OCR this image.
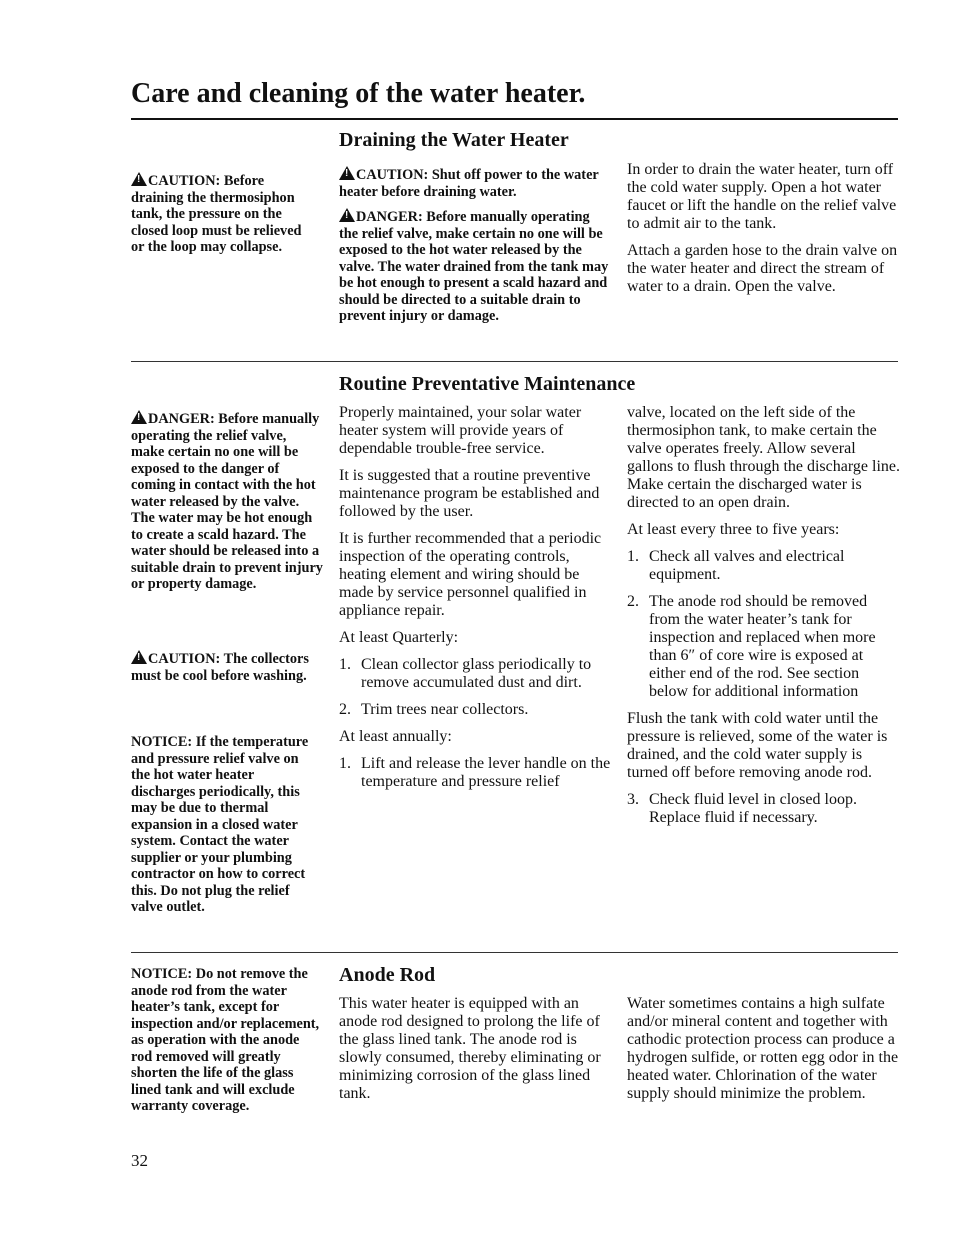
Care and cleaning of the water heater.
Draining the Water Heater
!CAUTION: Before draining the thermosiphon tank, the pressure on the closed loop must be relieved or the loop may collapse.
!CAUTION: Shut off power to the water heater before draining water.
!DANGER: Before manually operating the relief valve, make certain no one will be exposed to the hot water released by the valve. The water drained from the tank may be hot enough to present a scald hazard and should be directed to a suitable drain to prevent injury or damage.

In order to drain the water heater, turn off the cold water supply. Open a hot water faucet or lift the handle on the relief valve to admit air to the tank.

Attach a garden hose to the drain valve on the water heater and direct the stream of water to a drain. Open the valve.

Routine Preventative Maintenance
!DANGER: Before manually operating the relief valve, make certain no one will be exposed to the danger of coming in contact with the hot water released by the valve. The water may be hot enough to create a scald hazard. The water should be released into a suitable drain to prevent injury or property damage.
!CAUTION: The collectors must be cool before washing.
NOTICE: If the temperature and pressure relief valve on the hot water heater discharges periodically, this may be due to thermal expansion in a closed water system. Contact the water supplier or your plumbing contractor on how to correct this. Do not plug the relief valve outlet.

Properly maintained, your solar water heater system will provide years of dependable trouble-free service.

It is suggested that a routine preventive maintenance program be established and followed by the user.

It is further recommended that a periodic inspection of the operating controls, heating element and wiring should be made by service personnel qualified in appliance repair.

At least Quarterly:

1. Clean collector glass periodically to remove accumulated dust and dirt.
2. Trim trees near collectors.

At least annually:

1. Lift and release the lever handle on the temperature and pressure relief

valve, located on the left side of the thermosiphon tank, to make certain the valve operates freely. Allow several gallons to flush through the discharge line. Make certain the discharged water is directed to an open drain.

At least every three to five years:

1. Check all valves and electrical equipment.
2. The anode rod should be removed from the water heater’s tank for inspection and replaced when more than 6″ of core wire is exposed at either end of the rod. See section below for additional information

Flush the tank with cold water until the pressure is relieved, some of the water is drained, and the cold water supply is turned off before removing anode rod.

3. Check fluid level in closed loop. Replace fluid if necessary.
Anode Rod
NOTICE: Do not remove the anode rod from the water heater’s tank, except for inspection and/or replacement, as operation with the anode rod removed will greatly shorten the life of the glass lined tank and will exclude warranty coverage.

This water heater is equipped with an anode rod designed to prolong the life of the glass lined tank. The anode rod is slowly consumed, thereby eliminating or minimizing corrosion of the glass lined tank.

Water sometimes contains a high sulfate and/or mineral content and together with cathodic protection process can produce a hydrogen sulfide, or rotten egg odor in the heated water. Chlorination of the water supply should minimize the problem.

32
